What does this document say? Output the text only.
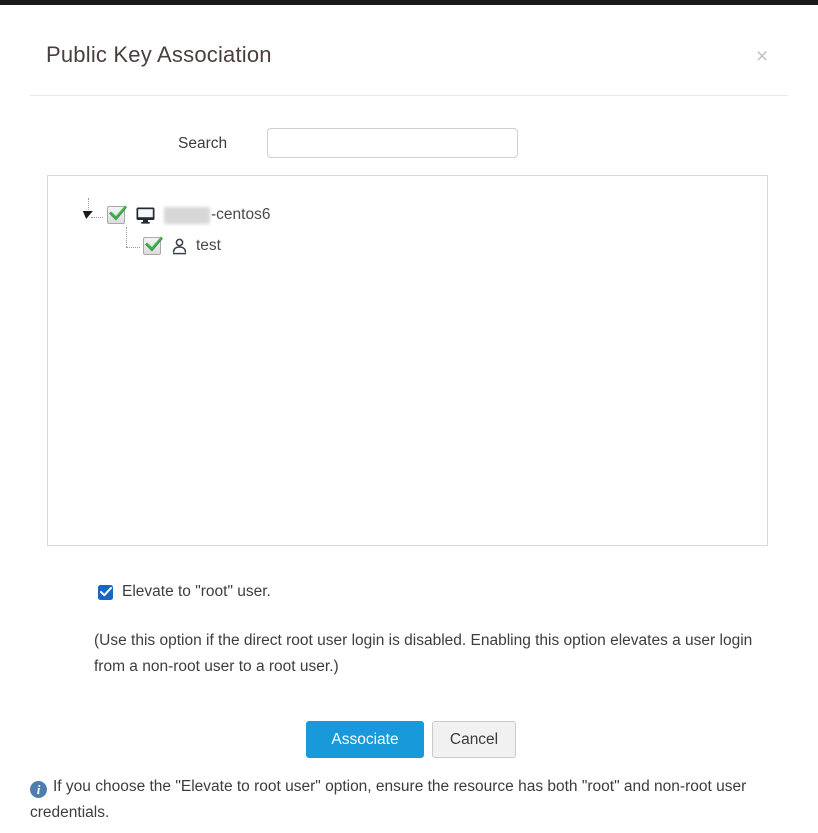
Public Key Association	×
Search
-centos6
test
Elevate to "root" user.
(Use this option if the direct root user login is disabled. Enabling this option elevates a user login from a non-root user to a root user.)
Associate	Cancel
i If you choose the "Elevate to root user" option, ensure the resource has both "root" and non-root user credentials.
